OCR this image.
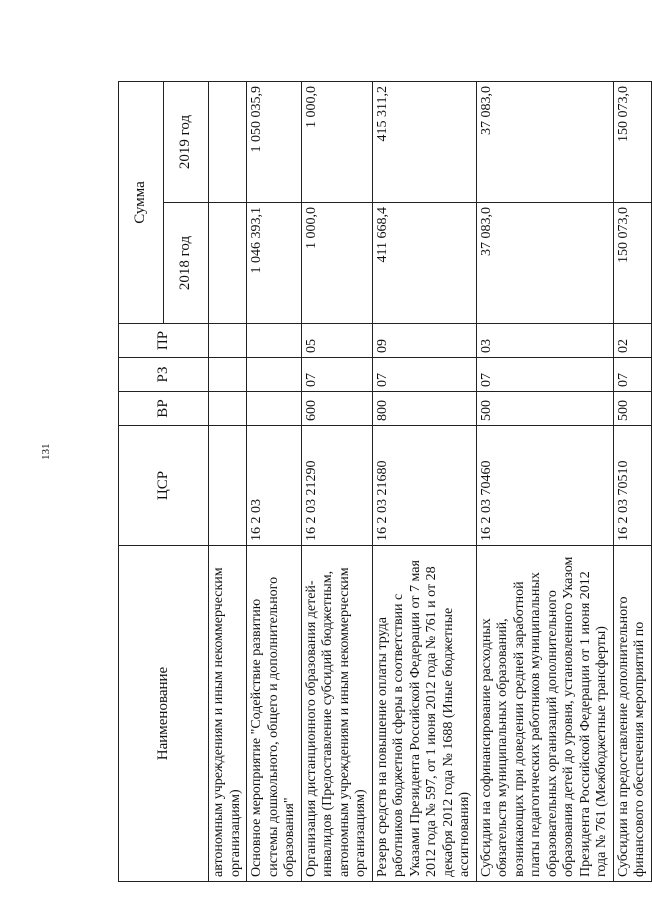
131
Наименование	ЦСР	ВР	РЗ	ПР	Сумма	
					2018 год	2019 год
автономным учреждениям и иным некоммерческим организациям)						
Основное мероприятие "Содействие развитию системы дошкольного, общего и дополнительного образования"	16 2 03				1 046 393,1	1 050 035,9
Организация дистанционного образования детей-инвалидов (Предоставление субсидий бюджетным, автономным учреждениям и иным некоммерческим организациям)	16 2 03 21290	600	07	05	1 000,0	1 000,0
Резерв средств на повышение оплаты труда работников бюджетной сферы в соответствии с Указами Президента Российской Федерации от 7 мая 2012 года № 597, от 1 июня 2012 года № 761 и от 28 декабря 2012 года № 1688 (Иные бюджетные ассигнования)	16 2 03 21680	800	07	09	411 668,4	415 311,2
Субсидии на софинансирование расходных обязательств муниципальных образований, возникающих при доведении средней заработной платы педагогических работников муниципальных образовательных организаций дополнительного образования детей до уровня, установленного Указом Президента Российской Федерации от 1 июня 2012 года № 761 (Межбюджетные трансферты)	16 2 03 70460	500	07	03	37 083,0	37 083,0
Субсидии на предоставление дополнительного финансового обеспечения мероприятий по	16 2 03 70510	500	07	02	150 073,0	150 073,0
